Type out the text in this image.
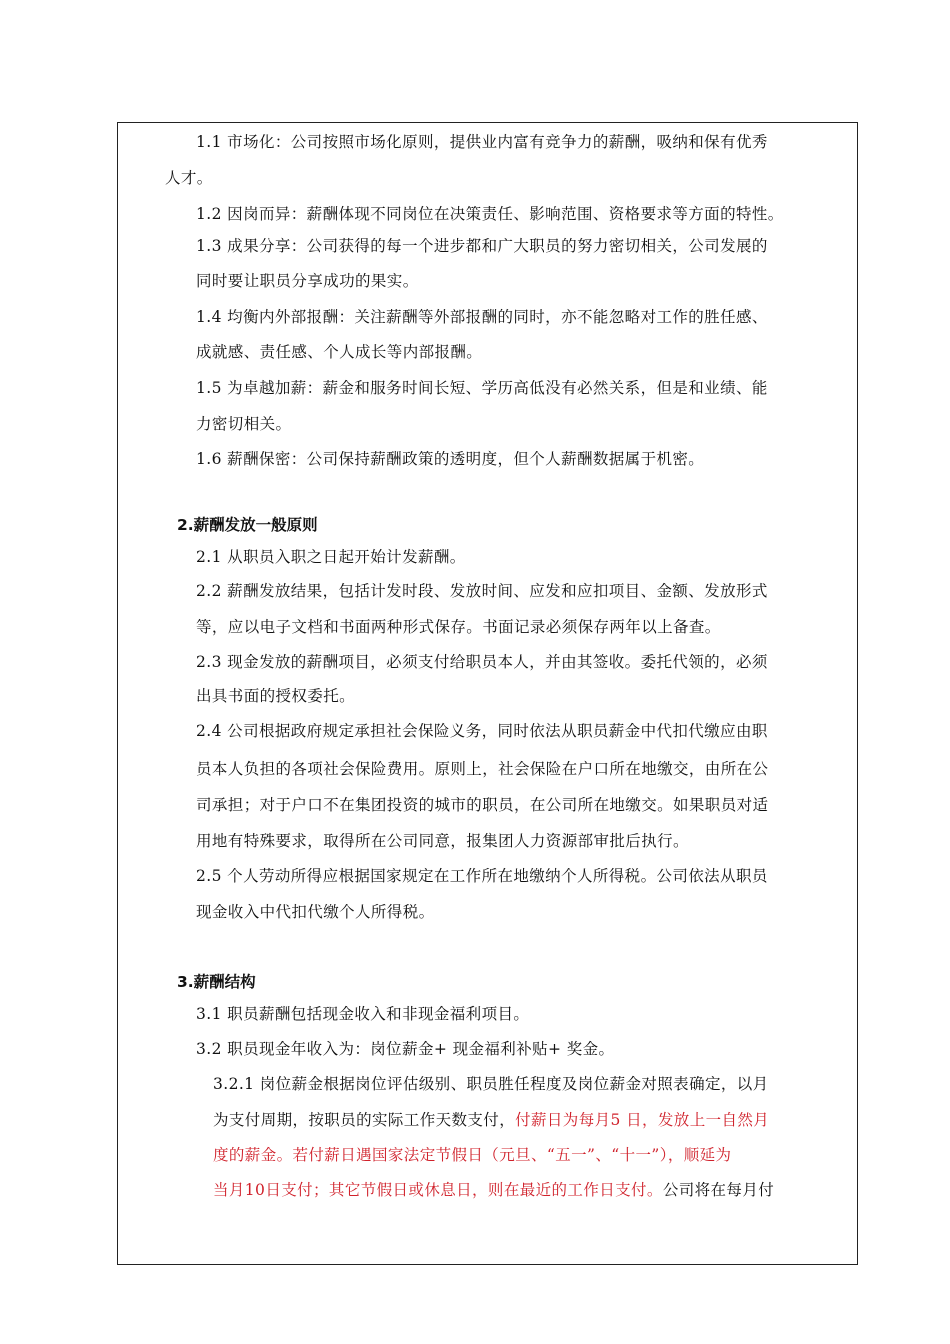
1.1 市场化：公司按照市场化原则，提供业内富有竞争力的薪酬，吸纳和保有优秀
人才。
1.2 因岗而异：薪酬体现不同岗位在决策责任、影响范围、资格要求等方面的特性。
1.3 成果分享：公司获得的每一个进步都和广大职员的努力密切相关，公司发展的
同时要让职员分享成功的果实。
1.4 均衡内外部报酬：关注薪酬等外部报酬的同时，亦不能忽略对工作的胜任感、
成就感、责任感、个人成长等内部报酬。
1.5 为卓越加薪：薪金和服务时间长短、学历高低没有必然关系，但是和业绩、能
力密切相关。
1.6 薪酬保密：公司保持薪酬政策的透明度，但个人薪酬数据属于机密。
2.薪酬发放一般原则
2.1 从职员入职之日起开始计发薪酬。
2.2 薪酬发放结果，包括计发时段、发放时间、应发和应扣项目、金额、发放形式
等，应以电子文档和书面两种形式保存。书面记录必须保存两年以上备查。
2.3 现金发放的薪酬项目，必须支付给职员本人，并由其签收。委托代领的，必须
出具书面的授权委托。
2.4 公司根据政府规定承担社会保险义务，同时依法从职员薪金中代扣代缴应由职
员本人负担的各项社会保险费用。原则上，社会保险在户口所在地缴交，由所在公
司承担；对于户口不在集团投资的城市的职员，在公司所在地缴交。如果职员对适
用地有特殊要求，取得所在公司同意，报集团人力资源部审批后执行。
2.5 个人劳动所得应根据国家规定在工作所在地缴纳个人所得税。公司依法从职员
现金收入中代扣代缴个人所得税。
3.薪酬结构
3.1 职员薪酬包括现金收入和非现金福利项目。
3.2 职员现金年收入为：岗位薪金+ 现金福利补贴+ 奖金。
3.2.1 岗位薪金根据岗位评估级别、职员胜任程度及岗位薪金对照表确定，以月
为支付周期，按职员的实际工作天数支付，付薪日为每月5 日，发放上一自然月
度的薪金。若付薪日遇国家法定节假日（元旦、“五一”、“十一”），顺延为
当月10日支付；其它节假日或休息日，则在最近的工作日支付。公司将在每月付
